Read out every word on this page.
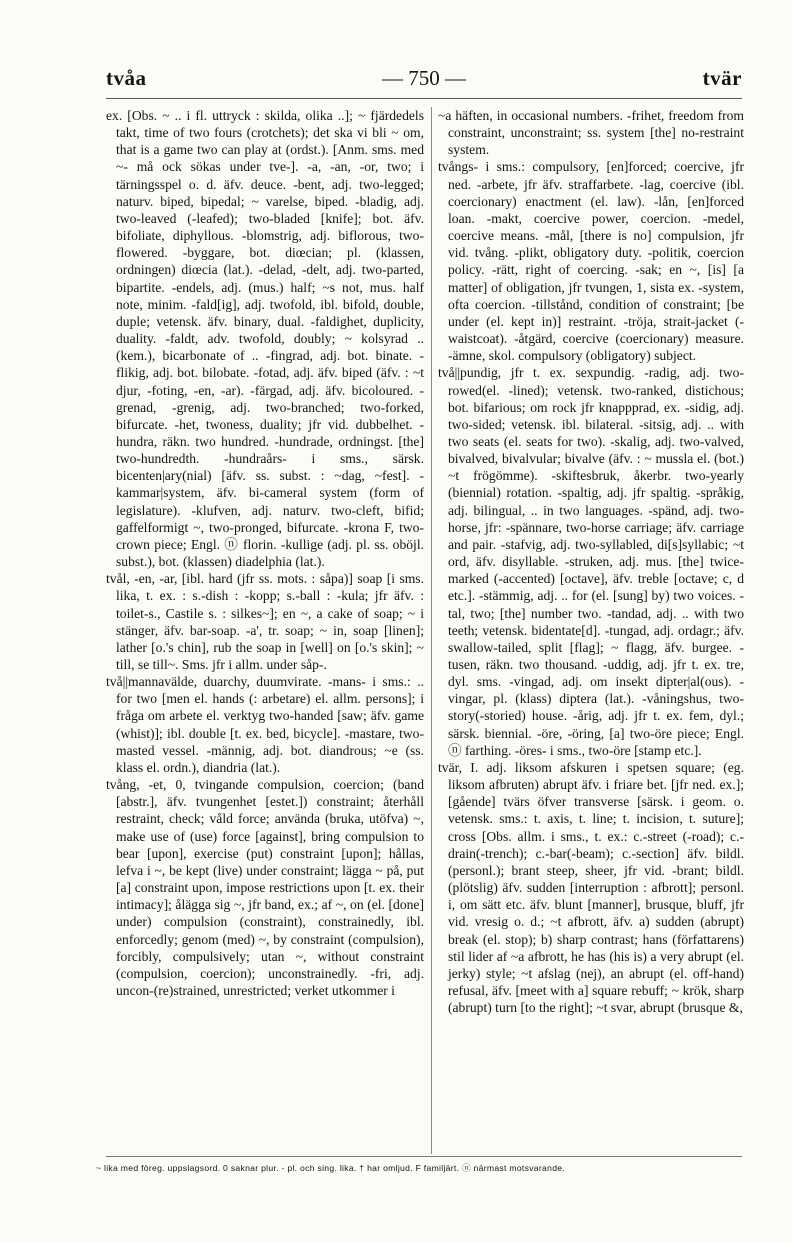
tvåa	— 750 —	tvär

ex. [Obs. ~ .. i fl. uttryck : skilda, olika ..]; ~ fjärdedels takt, time of two fours (crotchets); det ska vi bli ~ om, that is a game two can play at (ordst.). [Anm. sms. med ~- må ock sökas under tve-]. -a, -an, -or, two; i tärningsspel o. d. äfv. deuce. -bent, adj. two-legged; naturv. biped, bipedal; ~ varelse, biped. -bladig, adj. two-leaved (-leafed); two-bladed [knife]; bot. äfv. bifoliate, diphyllous. -blomstrig, adj. biflorous, two-flowered. -byggare, bot. diœcian; pl. (klassen, ordningen) diœcia (lat.). -delad, -delt, adj. two-parted, bipartite. -endels, adj. (mus.) half; ~s not, mus. half note, minim. -fald[ig], adj. twofold, ibl. bifold, double, duple; vetensk. äfv. binary, dual. -faldighet, duplicity, duality. -faldt, adv. twofold, doubly; ~ kolsyrad .. (kem.), bicarbonate of .. -fingrad, adj. bot. binate. -flikig, adj. bot. bilobate. -fotad, adj. äfv. biped (äfv. : ~t djur, -foting, -en, -ar). -färgad, adj. äfv. bicoloured. -grenad, -grenig, adj. two-branched; two-forked, bifurcate. -het, twoness, duality; jfr vid. dubbelhet. -hundra, räkn. two hundred. -hundrade, ordningst. [the] two-hundredth. -hundraårs- i sms., särsk. bicenten|ary(nial) [äfv. ss. subst. : ~dag, ~fest]. -kammar|system, äfv. bi-cameral system (form of legislature). -klufven, adj. naturv. two-cleft, bifid; gaffelformigt ~, two-pronged, bifurcate. -krona F, two-crown piece; Engl. ⓝ florin. -kullige (adj. pl. ss. oböjl. subst.), bot. (klassen) diadelphia (lat.).

tvål, -en, -ar, [ibl. hard (jfr ss. mots. : såpa)] soap [i sms. lika, t. ex. : s.-dish : -kopp; s.-ball : -kula; jfr äfv. : toilet-s., Castile s. : silkes~]; en ~, a cake of soap; ~ i stänger, äfv. bar-soap. -a', tr. soap; ~ in, soap [linen]; lather [o.'s chin], rub the soap in [well] on [o.'s skin]; ~ till, se till~. Sms. jfr i allm. under såp-.

två||mannavälde, duarchy, duumvirate. -mans- i sms.: .. for two [men el. hands (: arbetare) el. allm. persons]; i fråga om arbete el. verktyg two-handed [saw; äfv. game (whist)]; ibl. double [t. ex. bed, bicycle]. -mastare, two-masted vessel. -männig, adj. bot. diandrous; ~e (ss. klass el. ordn.), diandria (lat.).

tvång, -et, 0, tvingande compulsion, coercion; (band [abstr.], äfv. tvungenhet [estet.]) constraint; återhåll restraint, check; våld force; använda (bruka, utöfva) ~, make use of (use) force [against], bring compulsion to bear [upon], exercise (put) constraint [upon]; hållas, lefva i ~, be kept (live) under constraint; lägga ~ på, put [a] constraint upon, impose restrictions upon [t. ex. their intimacy]; ålägga sig ~, jfr band, ex.; af ~, on (el. [done] under) compulsion (constraint), constrainedly, ibl. enforcedly; genom (med) ~, by constraint (compulsion), forcibly, compulsively; utan ~, without constraint (compulsion, coercion); unconstrainedly. -fri, adj. uncon-(re)strained, unrestricted; verket utkommer i

~a häften, in occasional numbers. -frihet, freedom from constraint, unconstraint; ss. system [the] no-restraint system.

tvångs- i sms.: compulsory, [en]forced; coercive, jfr ned. -arbete, jfr äfv. straffarbete. -lag, coercive (ibl. coercionary) enactment (el. law). -lån, [en]forced loan. -makt, coercive power, coercion. -medel, coercive means. -mål, [there is no] compulsion, jfr vid. tvång. -plikt, obligatory duty. -politik, coercion policy. -rätt, right of coercing. -sak; en ~, [is] [a matter] of obligation, jfr tvungen, 1, sista ex. -system, ofta coercion. -tillstånd, condition of constraint; [be under (el. kept in)] restraint. -tröja, strait-jacket (-waistcoat). -åtgärd, coercive (coercionary) measure. -ämne, skol. compulsory (obligatory) subject.

två||pundig, jfr t. ex. sexpundig. -radig, adj. two-rowed(el. -lined); vetensk. two-ranked, distichous; bot. bifarious; om rock jfr knappprad, ex. -sidig, adj. two-sided; vetensk. ibl. bilateral. -sitsig, adj. .. with two seats (el. seats for two). -skalig, adj. two-valved, bivalved, bivalvular; bivalve (äfv. : ~ mussla el. (bot.) ~t frögömme). -skiftesbruk, åkerbr. two-yearly (biennial) rotation. -spaltig, adj. jfr spaltig. -språkig, adj. bilingual, .. in two languages. -spänd, adj. two-horse, jfr: -spännare, two-horse carriage; äfv. carriage and pair. -stafvig, adj. two-syllabled, di[s]syllabic; ~t ord, äfv. disyllable. -struken, adj. mus. [the] twice-marked (-accented) [octave], äfv. treble [octave; c, d etc.]. -stämmig, adj. .. for (el. [sung] by) two voices. -tal, two; [the] number two. -tandad, adj. .. with two teeth; vetensk. bidentate[d]. -tungad, adj. ordagr.; äfv. swallow-tailed, split [flag]; ~ flagg, äfv. burgee. -tusen, räkn. two thousand. -uddig, adj. jfr t. ex. tre, dyl. sms. -vingad, adj. om insekt dipter|al(ous). -vingar, pl. (klass) diptera (lat.). -våningshus, two-story(-storied) house. -årig, adj. jfr t. ex. fem, dyl.; särsk. biennial. -öre, -öring, [a] two-öre piece; Engl. ⓝ farthing. -öres- i sms., two-öre [stamp etc.].

tvär, I. adj. liksom afskuren i spetsen square; (eg. liksom afbruten) abrupt äfv. i friare bet. [jfr ned. ex.]; [gående] tvärs öfver transverse [särsk. i geom. o. vetensk. sms.: t. axis, t. line; t. incision, t. suture]; cross [Obs. allm. i sms., t. ex.: c.-street (-road); c.-drain(-trench); c.-bar(-beam); c.-section] äfv. bildl. (personl.); brant steep, sheer, jfr vid. -brant; bildl. (plötslig) äfv. sudden [interruption : afbrott]; personl. i, om sätt etc. äfv. blunt [manner], brusque, bluff, jfr vid. vresig o. d.; ~t afbrott, äfv. a) sudden (abrupt) break (el. stop); b) sharp contrast; hans (författarens) stil lider af ~a afbrott, he has (his is) a very abrupt (el. jerky) style; ~t afslag (nej), an abrupt (el. off-hand) refusal, äfv. [meet with a] square rebuff; ~ krök, sharp (abrupt) turn [to the right]; ~t svar, abrupt (brusque &,

~ lika med föreg. uppslagsord. 0 saknar plur. - pl. och sing. lika. † har omljud. F familjärt. ⓝ närmast motsvarande.
